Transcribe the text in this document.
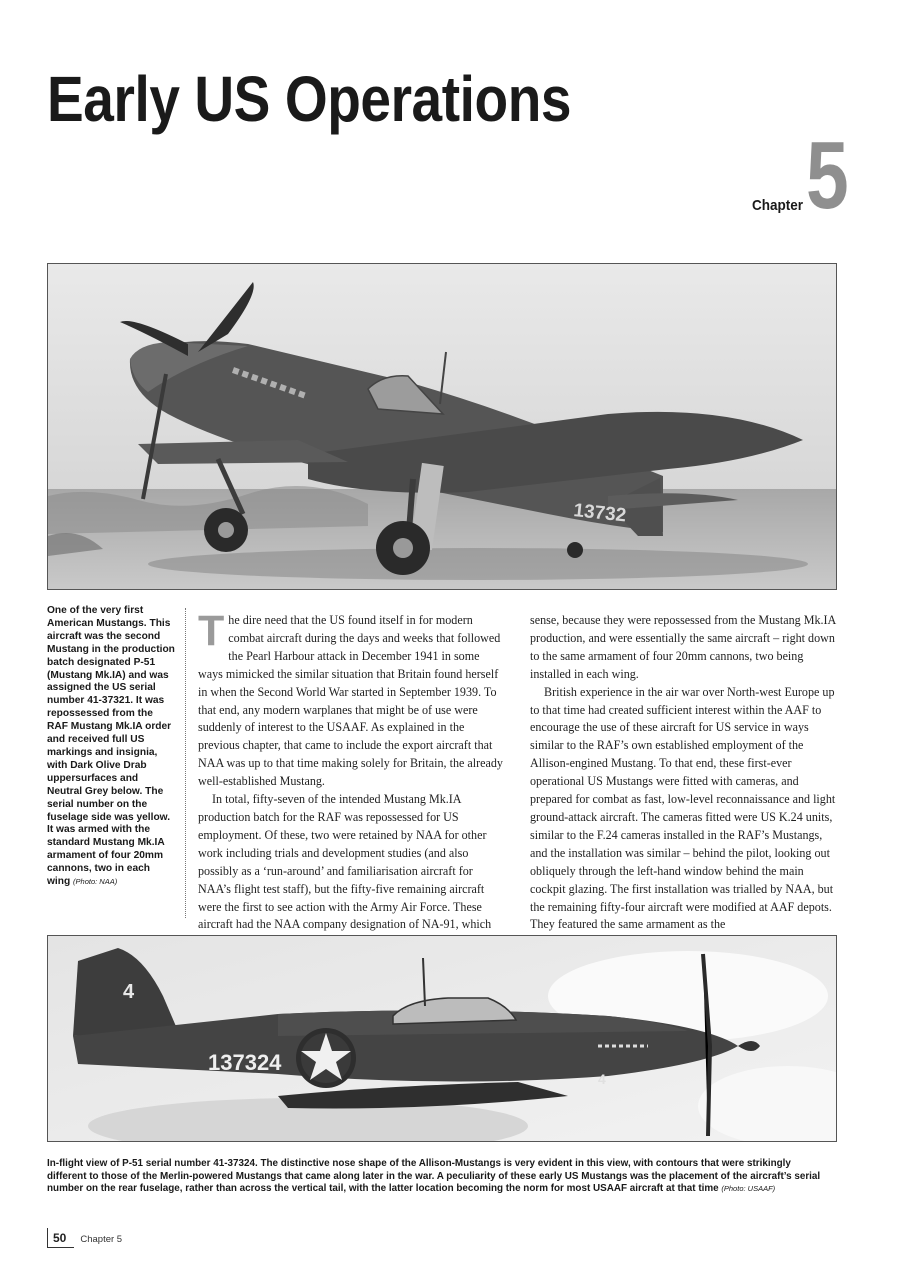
Early US Operations
Chapter 5
13732
One of the very first American Mustangs. This aircraft was the second Mustang in the production batch designated P-51 (Mustang Mk.IA) and was assigned the US serial number 41-37321. It was repossessed from the RAF Mustang Mk.IA order and received full US markings and insignia, with Dark Olive Drab uppersurfaces and Neutral Grey below. The serial number on the fuselage side was yellow. It was armed with the standard Mustang Mk.IA armament of four 20mm cannons, two in each wing (Photo: NAA)

The dire need that the US found itself in for modern combat aircraft during the days and weeks that followed the Pearl Harbour attack in December 1941 in some ways mimicked the similar situation that Britain found herself in when the Second World War started in September 1939. To that end, any modern warplanes that might be of use were suddenly of interest to the USAAF. As explained in the previous chapter, that came to include the export aircraft that NAA was up to that time making solely for Britain, the already well-established Mustang.

In total, fifty-seven of the intended Mustang Mk.IA production batch for the RAF was repossessed for US employment. Of these, two were retained by NAA for other work including trials and development studies (and also possibly as a ‘run-around’ and familiarisation aircraft for NAA’s flight test staff), but the fifty-five remaining aircraft were the first to see action with the Army Air Force. These aircraft had the NAA company designation of NA-91, which

sense, because they were repossessed from the Mustang Mk.IA production, and were essentially the same aircraft – right down to the same armament of four 20mm cannons, two being installed in each wing.

British experience in the air war over North-west Europe up to that time had created sufficient interest within the AAF to encourage the use of these aircraft for US service in ways similar to the RAF’s own established employment of the Allison-engined Mustang. To that end, these first-ever operational US Mustangs were fitted with cameras, and prepared for combat as fast, low-level reconnaissance and light ground-attack aircraft. The cameras fitted were US K.24 units, similar to the F.24 cameras installed in the RAF’s Mustangs, and the installation was similar – behind the pilot, looking out obliquely through the left-hand window behind the main cockpit glazing. The first installation was trialled by NAA, but the remaining fifty-four aircraft were modified at AAF depots. They featured the same armament as the

4
137324
4
In-flight view of P-51 serial number 41-37324. The distinctive nose shape of the Allison-Mustangs is very evident in this view, with contours that were strikingly different to those of the Merlin-powered Mustangs that came along later in the war. A peculiarity of these early US Mustangs was the placement of the aircraft’s serial number on the rear fuselage, rather than across the vertical tail, with the latter location becoming the norm for most USAAF aircraft at that time (Photo: USAAF)
50 Chapter 5
